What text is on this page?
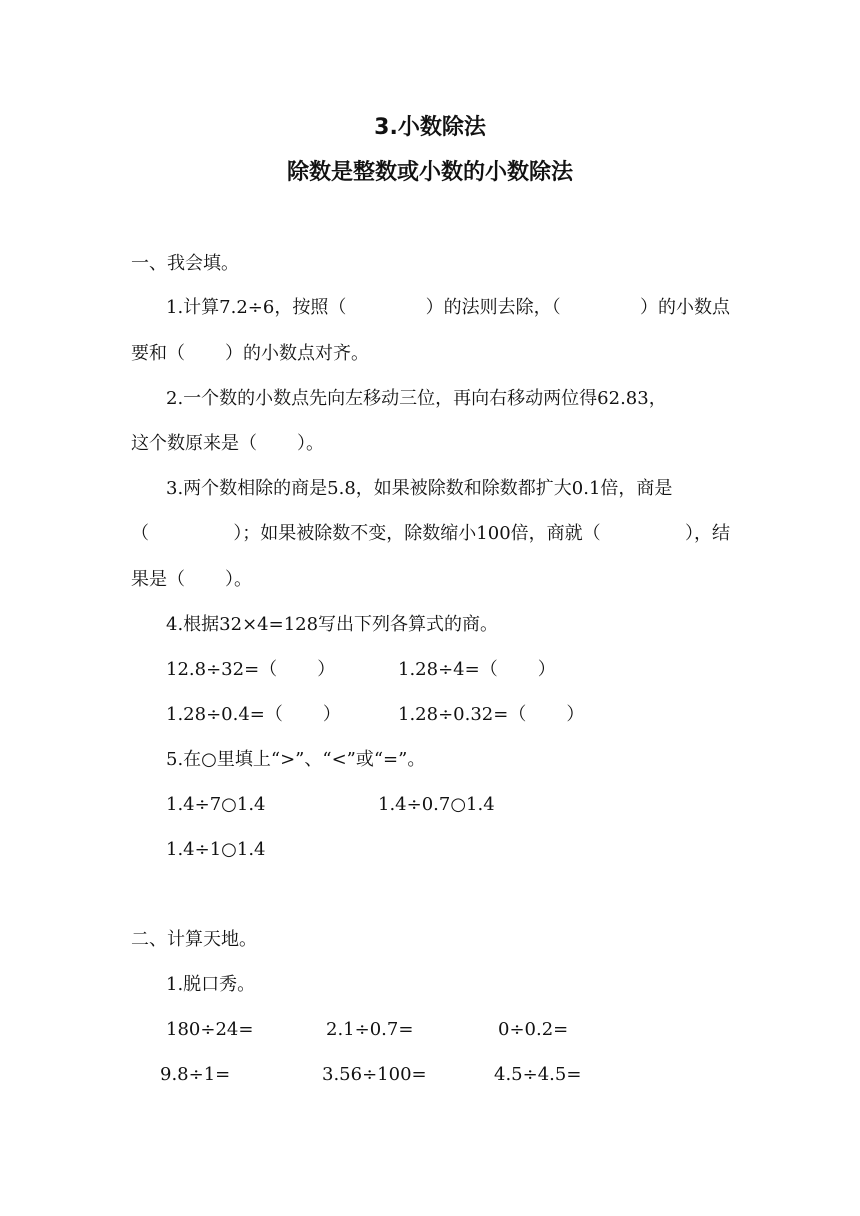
3.小数除法
除数是整数或小数的小数除法
一、我会填。
1.计算7.2÷6，按照（	）的法则去除，（	）的小数点
要和（       ）的小数点对齐。
2.一个数的小数点先向左移动三位，再向右移动两位得62.83，
这个数原来是（       ）。
3.两个数相除的商是5.8，如果被除数和除数都扩大0.1倍，商是
（	）；如果被除数不变，除数缩小100倍，商就（	），结
果是（       ）。
4.根据32×4=128写出下列各算式的商。
12.8÷32=（       ）	1.28÷4=（       ）
1.28÷0.4=（       ）	1.28÷0.32=（       ）
5.在○里填上“>”、“<”或“=”。
1.4÷7○1.4	1.4÷0.7○1.4
1.4÷1○1.4
二、计算天地。
1.脱口秀。
180÷24=	2.1÷0.7=	0÷0.2=
9.8÷1=	3.56÷100=	4.5÷4.5=
